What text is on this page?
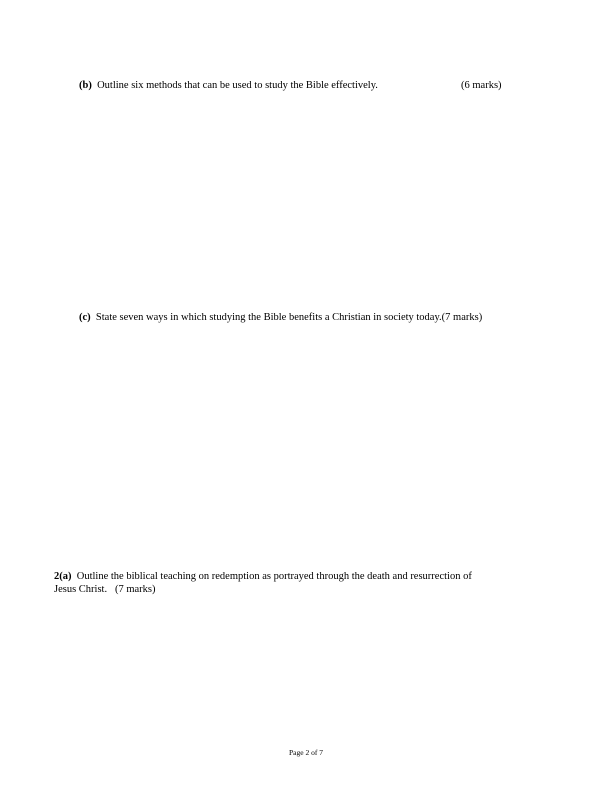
(b) Outline six methods that can be used to study the Bible effectively.	(6 marks)
(c) State seven ways in which studying the Bible benefits a Christian in society today.(7 marks)
2(a) Outline the biblical teaching on redemption as portrayed through the death and resurrection of
Jesus Christ.   (7 marks)
Page 2 of 7
